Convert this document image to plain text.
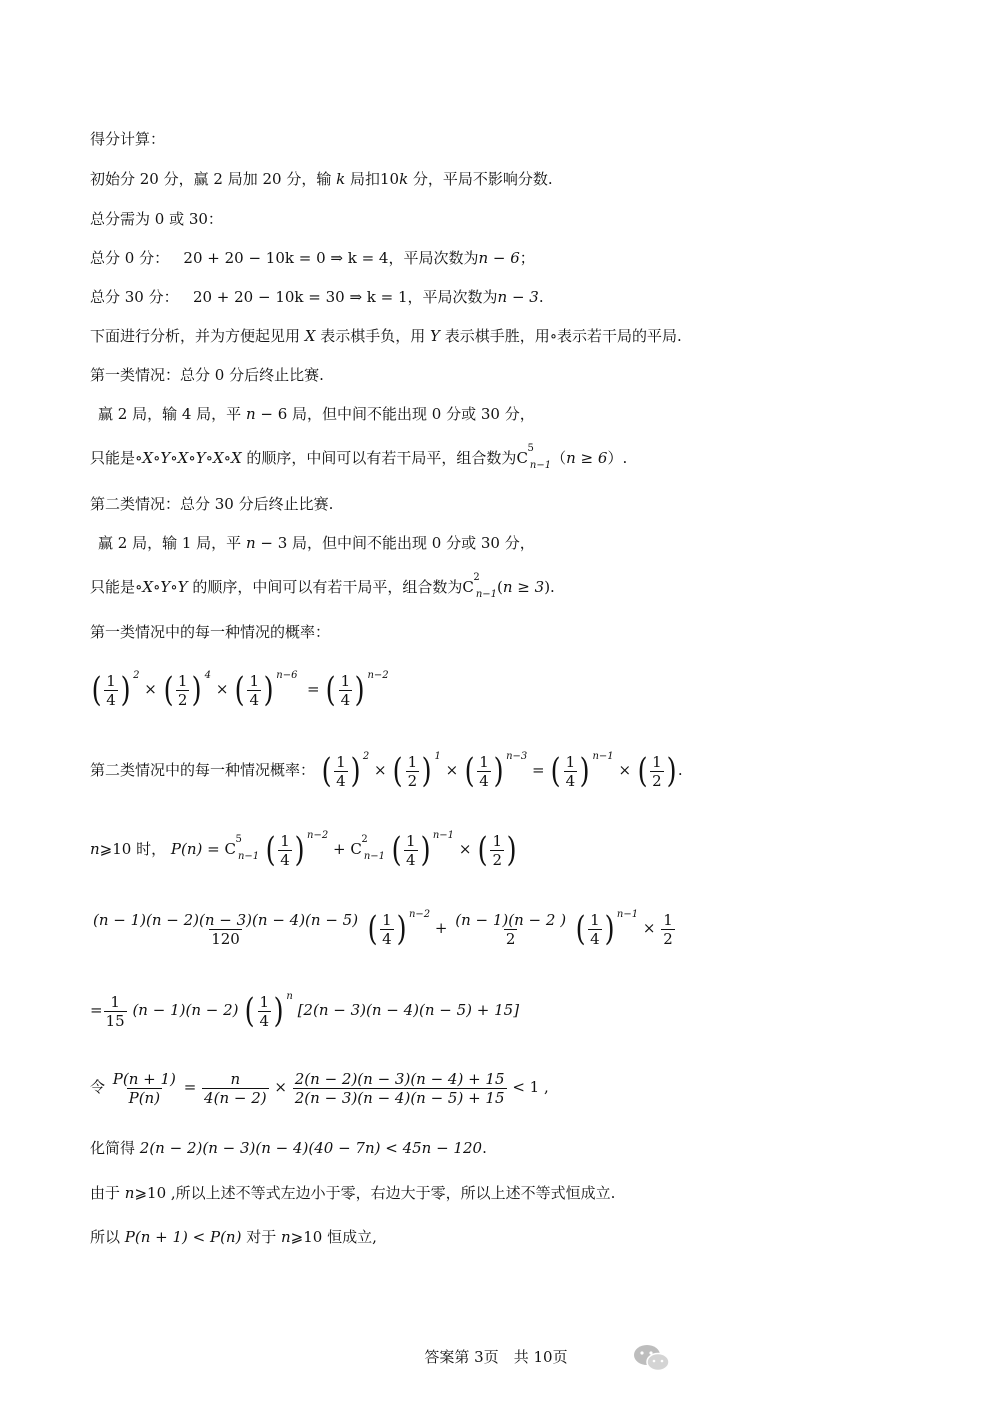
得分计算：
初始分 20 分，赢 2 局加 20 分，输 k 局扣10k 分，平局不影响分数.
总分需为 0 或 30：
总分 0 分： 20 + 20 − 10k = 0 ⇒ k = 4，平局次数为n − 6；
总分 30 分： 20 + 20 − 10k = 30 ⇒ k = 1，平局次数为n − 3.
下面进行分析，并为方便起见用 X 表示棋手负，用 Y 表示棋手胜，用∘表示若干局的平局.
第一类情况：总分 0 分后终止比赛.
赢 2 局，输 4 局，平 n − 6 局，但中间不能出现 0 分或 30 分，
只能是∘X∘Y∘X∘Y∘X∘X 的顺序，中间可以有若干局平，组合数为C
5
$_{n-1}$（n ≥ 6）.
第二类情况：总分 30 分后终止比赛.
赢 2 局，输 1 局，平 n − 3 局，但中间不能出现 0 分或 30 分，
只能是∘X∘Y∘Y 的顺序，中间可以有若干局平，组合数为C
2
$_{n-1}$(n ≥ 3).
第一类情况中的每一种情况的概率：
( 1
4 ) $^2$
× ( 1
2 ) $^4$
× ( 1
4 ) $^{n-6}$
= ( 1
4 ) $^{n-2}$
第二类情况中的每一种情况概率： ( 1
4 ) $^2$
× ( 1
2 ) $^1$
× ( 1
4 ) $^{n-3}$
= ( 1
4 ) $^{n-1}$
× ( 1
2 ) .
n⩾10 时， P(n) = C
5
$_{n-1}$ ( 1
4 ) $^{n-2}$
+ C
2
$_{n-1}$ ( 1
4 ) $^{n-1}$
× ( 1
2 )
$\frac{(n - 1)(n - 2)(n - 3)(n - 4)(n - 5)}{120}$
( 1
4 ) $^{n-2}$
+ $\frac{(n - 1)(n - 2 )}{2}$
( 1
4 ) $^{n-1}$
× $\frac{1}{2}$
= $\frac{1}{15} (n - 1)(n - 2)$ ( 1
4 ) $^n$
[2(n − 3)(n − 4)(n − 5) + 15]
令 $\frac{P(n + 1)}{P(n)} = \frac{n}{4(n - 2)} \times \frac{2(n - 2)(n - 3)(n - 4) + 15}{2(n - 3)(n - 4)(n - 5) + 15} < 1$ ,
化简得 2(n − 2)(n − 3)(n − 4)(40 − 7n) < 45n − 120.
由于 n⩾10 ,所以上述不等式左边小于零，右边大于零，所以上述不等式恒成立.
所以 P(n + 1) < P(n) 对于 n⩾10 恒成立,
答案第 3页　共 10页
